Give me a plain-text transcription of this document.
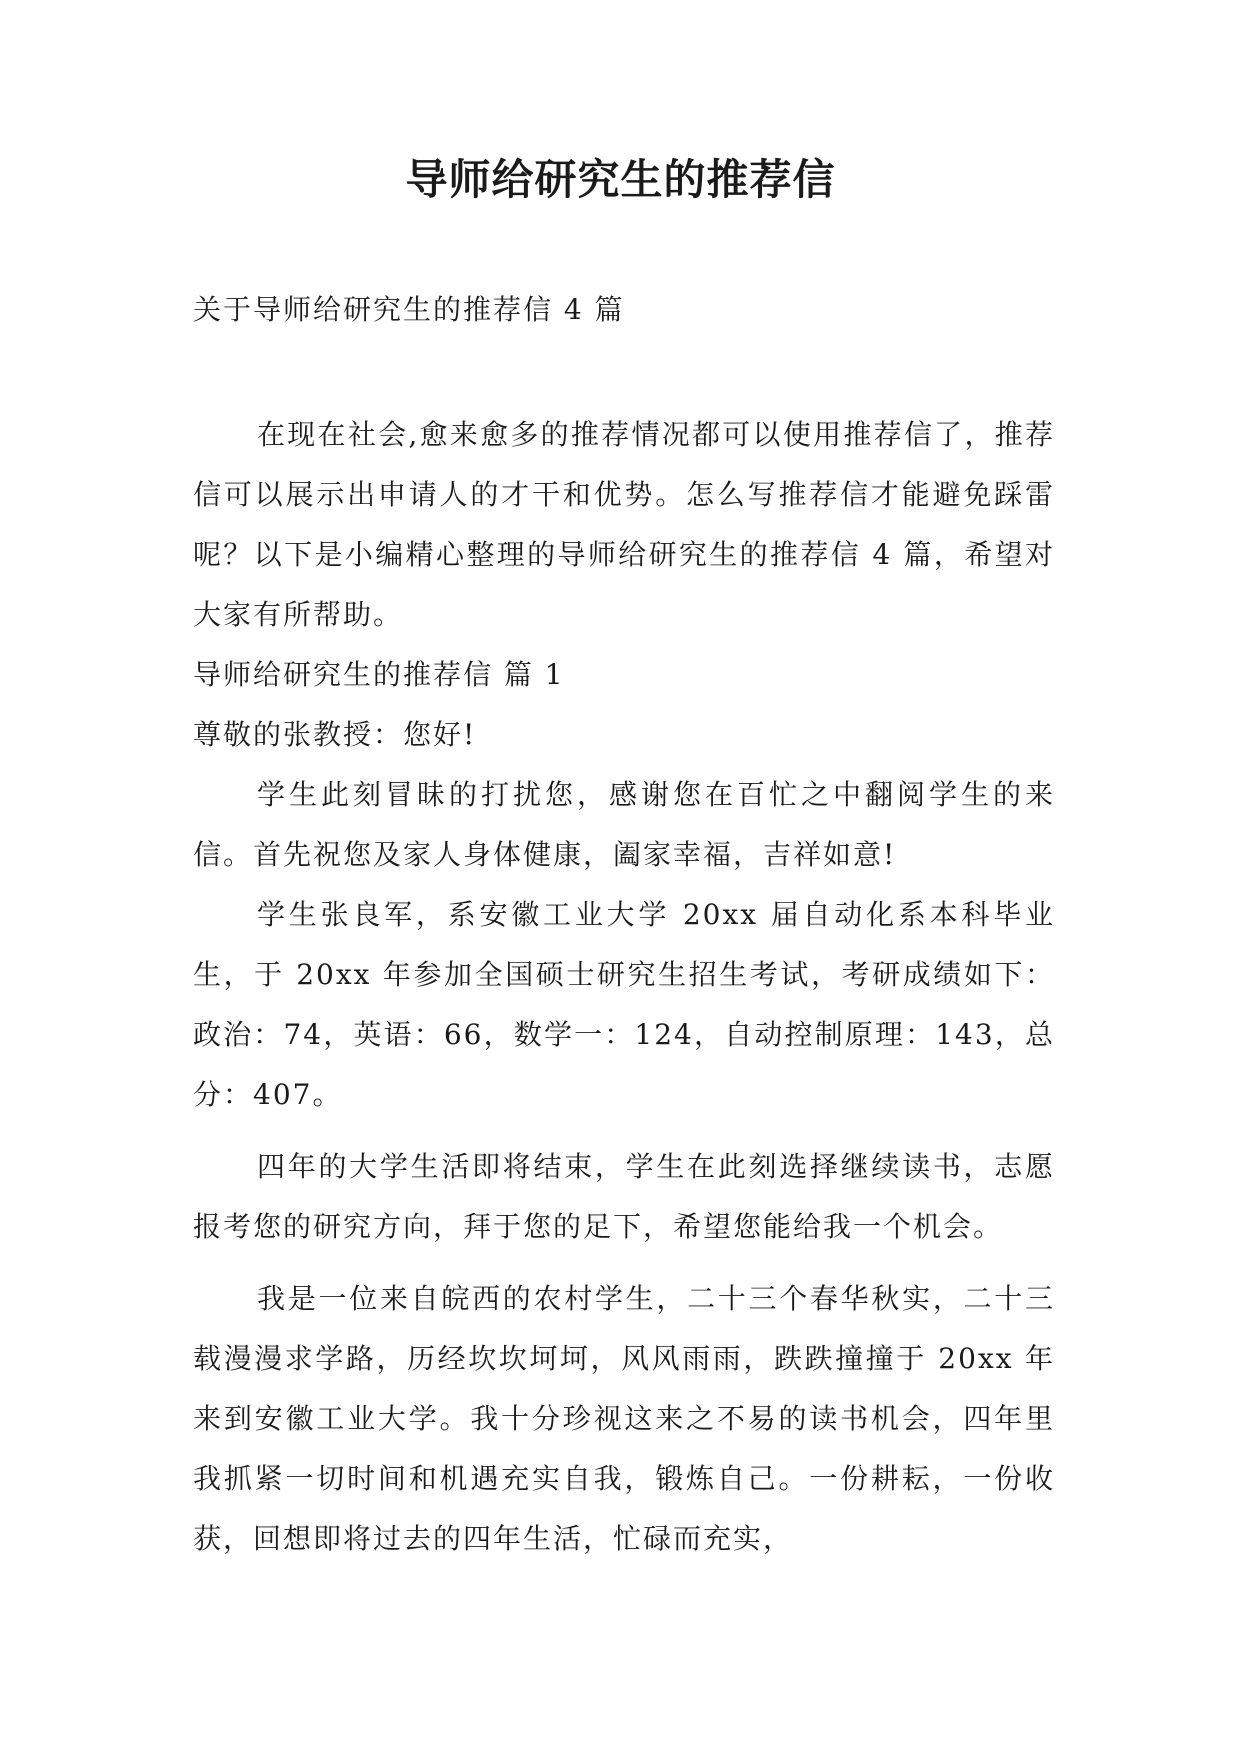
导师给研究生的推荐信
关于导师给研究生的推荐信 4 篇

在现在社会,愈来愈多的推荐情况都可以使用推荐信了，推荐信可以展示出申请人的才干和优势。怎么写推荐信才能避免踩雷呢？以下是小编精心整理的导师给研究生的推荐信 4 篇，希望对大家有所帮助。

导师给研究生的推荐信 篇 1

尊敬的张教授：您好!

学生此刻冒昧的打扰您，感谢您在百忙之中翻阅学生的来信。首先祝您及家人身体健康，阖家幸福，吉祥如意!

学生张良军，系安徽工业大学 20xx 届自动化系本科毕业生，于 20xx 年参加全国硕士研究生招生考试，考研成绩如下：政治：74，英语：66，数学一：124，自动控制原理：143，总分：407。

四年的大学生活即将结束，学生在此刻选择继续读书，志愿报考您的研究方向，拜于您的足下，希望您能给我一个机会。

我是一位来自皖西的农村学生，二十三个春华秋实，二十三载漫漫求学路，历经坎坎坷坷，风风雨雨，跌跌撞撞于 20xx 年来到安徽工业大学。我十分珍视这来之不易的读书机会，四年里我抓紧一切时间和机遇充实自我，锻炼自己。一份耕耘，一份收获，回想即将过去的四年生活，忙碌而充实，
